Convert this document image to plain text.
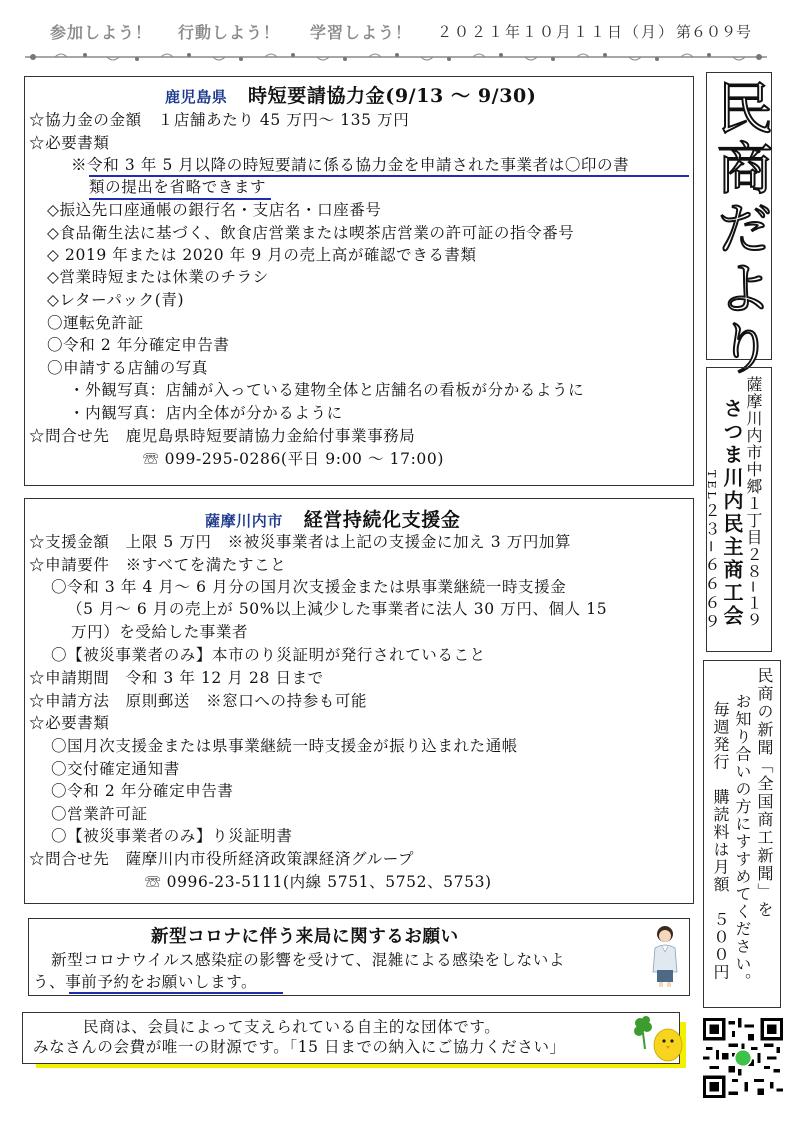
参加しよう！ 行動しよう！ 学習しよう！ ２０２１年１０月１１日（月） 第６０９号
鹿児島県 時短要請協力金(9/13 〜 9/30)
☆協力金の金額　１店舗あたり 45 万円〜 135 万円
☆必要書類
※令和 3 年 5 月以降の時短要請に係る協力金を申請された事業者は〇印の書
類の提出を省略できます
◇振込先口座通帳の銀行名・支店名・口座番号
◇食品衛生法に基づく、飲食店営業または喫茶店営業の許可証の指令番号
◇ 2019 年または 2020 年 9 月の売上高が確認できる書類
◇営業時短または休業のチラシ
◇レターパック(青)
〇運転免許証
〇令和 2 年分確定申告書
〇申請する店舗の写真
・外観写真：店舗が入っている建物全体と店舗名の看板が分かるように
・内観写真：店内全体が分かるように
☆問合せ先　鹿児島県時短要請協力金給付事業事務局
☏ 099-295-0286(平日 9:00 〜 17:00)
薩摩川内市 経営持続化支援金
☆支援金額　上限 5 万円　※被災事業者は上記の支援金に加え 3 万円加算
☆申請要件　※すべてを満たすこと
〇令和 3 年 4 月〜 6 月分の国月次支援金または県事業継続一時支援金
（5 月〜 6 月の売上が 50%以上減少した事業者に法人 30 万円、個人 15
万円）を受給した事業者
〇【被災事業者のみ】本市のり災証明が発行されていること
☆申請期間　令和 3 年 12 月 28 日まで
☆申請方法　原則郵送　※窓口への持参も可能
☆必要書類
〇国月次支援金または県事業継続一時支援金が振り込まれた通帳
〇交付確定通知書
〇令和 2 年分確定申告書
〇営業許可証
〇【被災事業者のみ】り災証明書
☆問合せ先　薩摩川内市役所経済政策課経済グループ
☏ 0996-23-5111(内線 5751、5752、5753)
新型コロナに伴う来局に関するお願い
新型コロナウイルス感染症の影響を受けて、混雑による感染をしないよ
う、事前予約をお願いします。
民商は、会員によって支えられている自主的な団体です。
みなさんの会費が唯一の財源です。｢15 日までの納入にご協力ください｣
民商だより
薩摩川内市中郷１丁目２８−１９
さつま川内民主商工会
TEL２３−６６６９
民商の新聞「全国商工新聞」を
お知り合いの方にすすめてください。
毎週発行　購読料は月額　５００円
